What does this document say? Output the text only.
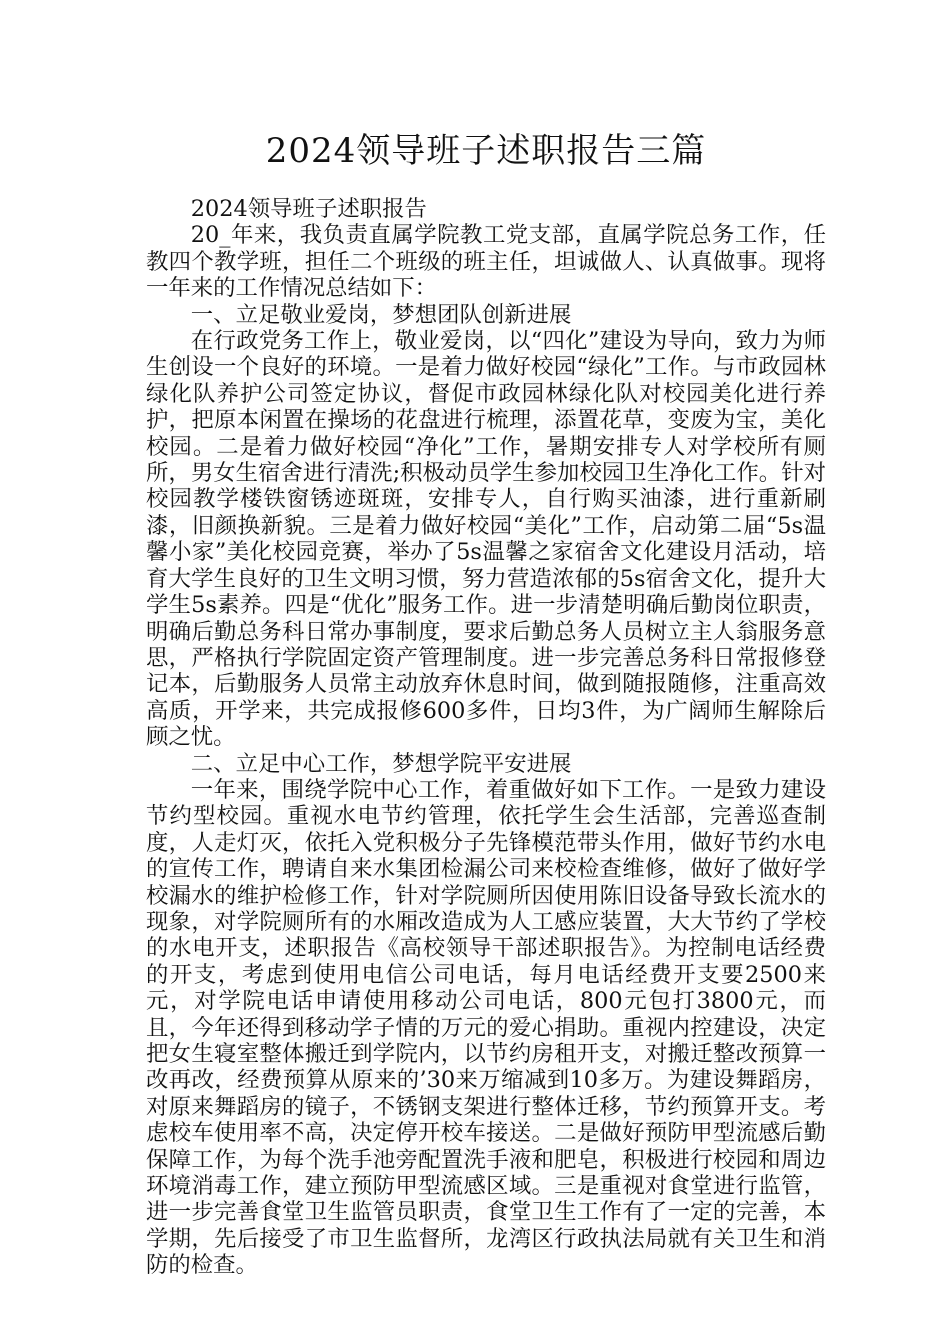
2024领导班子述职报告三篇

2024领导班子述职报告

20_年来，我负责直属学院教工党支部，直属学院总务工作，任教四个教学班，担任二个班级的班主任，坦诚做人、认真做事。现将一年来的工作情况总结如下：

一、立足敬业爱岗，梦想团队创新进展

在行政党务工作上，敬业爱岗，以“四化”建设为导向，致力为师生创设一个良好的环境。一是着力做好校园“绿化”工作。与市政园林绿化队养护公司签定协议，督促市政园林绿化队对校园美化进行养护，把原本闲置在操场的花盘进行梳理，添置花草，变废为宝，美化校园。二是着力做好校园“净化”工作，暑期安排专人对学校所有厕所，男女生宿舍进行清洗;积极动员学生参加校园卫生净化工作。针对校园教学楼铁窗锈迹斑斑，安排专人，自行购买油漆，进行重新刷漆，旧颜换新貌。三是着力做好校园“美化”工作，启动第二届“5s温馨小家”美化校园竞赛，举办了5s温馨之家宿舍文化建设月活动，培育大学生良好的卫生文明习惯，努力营造浓郁的5s宿舍文化，提升大学生5s素养。四是“优化”服务工作。进一步清楚明确后勤岗位职责，明确后勤总务科日常办事制度，要求后勤总务人员树立主人翁服务意思，严格执行学院固定资产管理制度。进一步完善总务科日常报修登记本，后勤服务人员常主动放弃休息时间，做到随报随修，注重高效高质，开学来，共完成报修600多件，日均3件，为广阔师生解除后顾之忧。

二、立足中心工作，梦想学院平安进展

一年来，围绕学院中心工作，着重做好如下工作。一是致力建设节约型校园。重视水电节约管理，依托学生会生活部，完善巡查制度，人走灯灭，依托入党积极分子先锋模范带头作用，做好节约水电的宣传工作，聘请自来水集团检漏公司来校检查维修，做好了做好学校漏水的维护检修工作，针对学院厕所因使用陈旧设备导致长流水的现象，对学院厕所有的水厢改造成为人工感应装置，大大节约了学校的水电开支，述职报告《高校领导干部述职报告》。为控制电话经费的开支，考虑到使用电信公司电话，每月电话经费开支要2500来元，对学院电话申请使用移动公司电话，800元包打3800元，而且，今年还得到移动学子情的万元的爱心捐助。重视内控建设，决定把女生寝室整体搬迁到学院内，以节约房租开支，对搬迁整改预算一改再改，经费预算从原来的’30来万缩减到10多万。为建设舞蹈房，对原来舞蹈房的镜子，不锈钢支架进行整体迁移，节约预算开支。考虑校车使用率不高，决定停开校车接送。二是做好预防甲型流感后勤保障工作，为每个洗手池旁配置洗手液和肥皂，积极进行校园和周边环境消毒工作，建立预防甲型流感区域。三是重视对食堂进行监管，进一步完善食堂卫生监管员职责，食堂卫生工作有了一定的完善，本学期，先后接受了市卫生监督所，龙湾区行政执法局就有关卫生和消防的检查。
